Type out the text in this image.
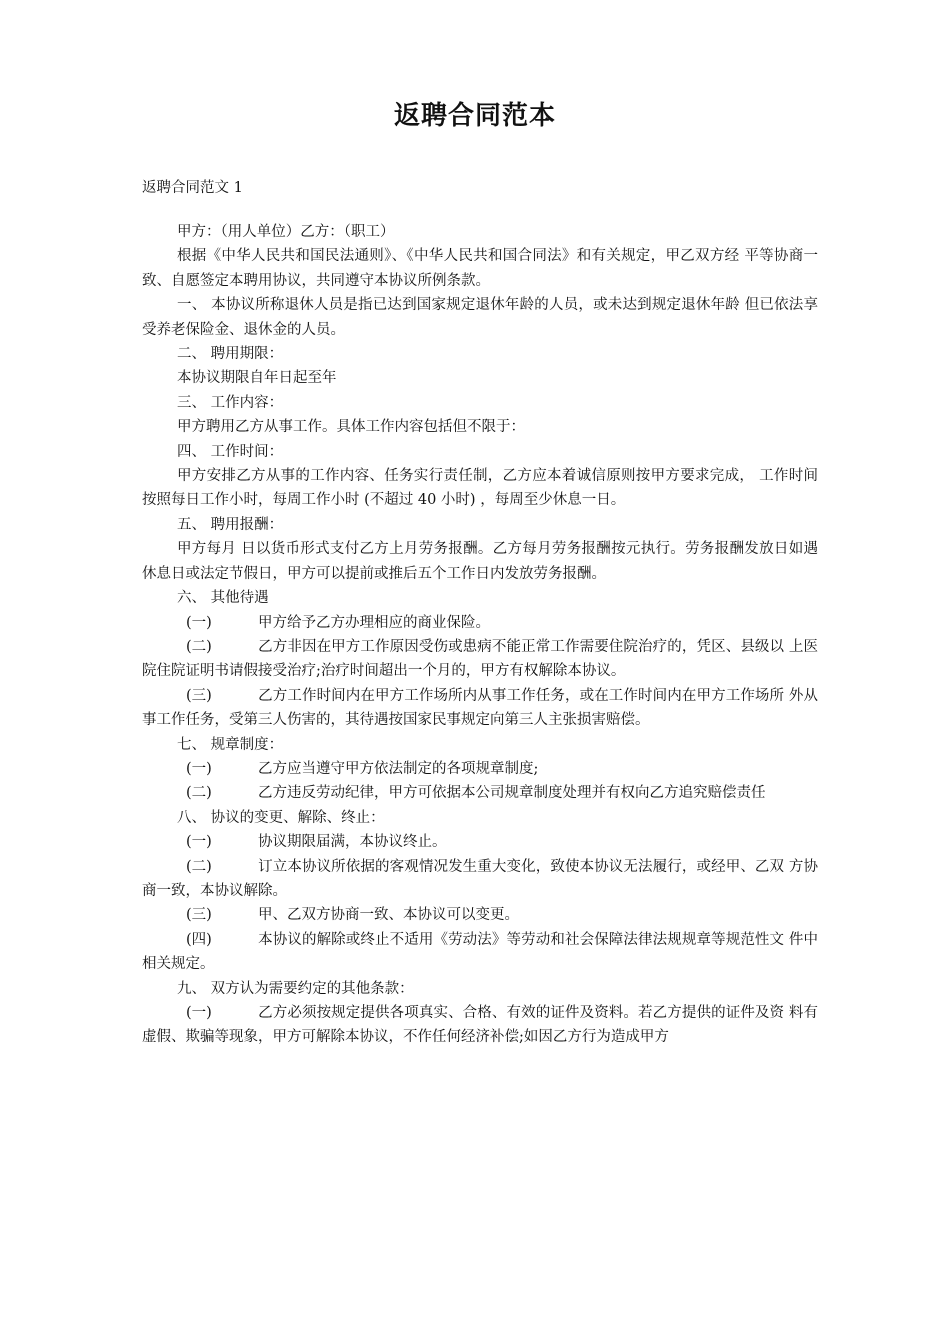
返聘合同范本
返聘合同范文 1

甲方：（用人单位）乙方：（职工）

根据《中华人民共和国民法通则》、《中华人民共和国合同法》和有关规定，甲乙双方经 平等协商一致、自愿签定本聘用协议，共同遵守本协议所例条款。

一、 本协议所称退休人员是指已达到国家规定退休年龄的人员，或未达到规定退休年龄 但已依法享受养老保险金、退休金的人员。

二、 聘用期限：

本协议期限自年日起至年

三、 工作内容：

甲方聘用乙方从事工作。具体工作内容包括但不限于：

四、 工作时间：

甲方安排乙方从事的工作内容、任务实行责任制，乙方应本着诚信原则按甲方要求完成， 工作时间按照每日工作小时，每周工作小时 (不超过 40 小时) ，每周至少休息一日。

五、 聘用报酬：

甲方每月 日以货币形式支付乙方上月劳务报酬。乙方每月劳务报酬按元执行。劳务报酬发放日如遇休息日或法定节假日，甲方可以提前或推后五个工作日内发放劳务报酬。

六、 其他待遇

(一)	甲方给予乙方办理相应的商业保险。

(二)	乙方非因在甲方工作原因受伤或患病不能正常工作需要住院治疗的，凭区、县级以 上医院住院证明书请假接受治疗;治疗时间超出一个月的，甲方有权解除本协议。

(三)	乙方工作时间内在甲方工作场所内从事工作任务，或在工作时间内在甲方工作场所 外从事工作任务，受第三人伤害的，其待遇按国家民事规定向第三人主张损害赔偿。

七、 规章制度：

(一)	乙方应当遵守甲方依法制定的各项规章制度;

(二)	乙方违反劳动纪律，甲方可依据本公司规章制度处理并有权向乙方追究赔偿责任

八、 协议的变更、解除、终止：

(一)	协议期限届满，本协议终止。

(二)	订立本协议所依据的客观情况发生重大变化，致使本协议无法履行，或经甲、乙双 方协商一致，本协议解除。

(三)	甲、乙双方协商一致、本协议可以变更。

(四)	本协议的解除或终止不适用《劳动法》等劳动和社会保障法律法规规章等规范性文 件中相关规定。

九、 双方认为需要约定的其他条款：

(一)	乙方必须按规定提供各项真实、合格、有效的证件及资料。若乙方提供的证件及资 料有虚假、欺骗等现象，甲方可解除本协议，不作任何经济补偿;如因乙方行为造成甲方
